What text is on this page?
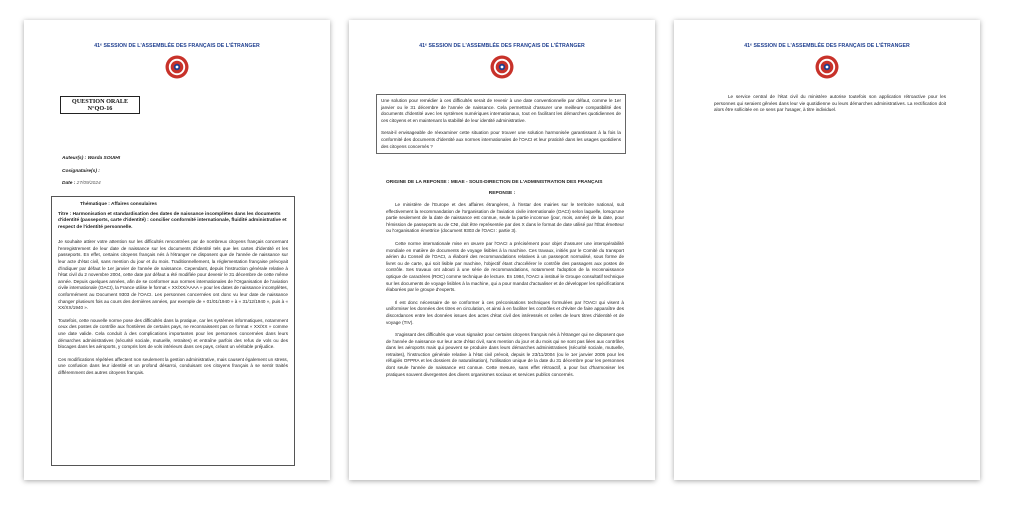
41ᵉ SESSION DE L'ASSEMBLÉE DES FRANÇAIS DE L'ÉTRANGER
QUESTION ORALE
N°QO-16
Auteur(s) : Warda SOUIHI
Cosignataire(s) :
Date : 27/09/2024
Thématique : Affaires consulaires
Titre : Harmonisation et standardisation des dates de naissance incomplètes dans les documents d'identité (passeports, carte d'identité) : concilier conformité internationale, fluidité administrative et respect de l'identité personnelle.

Je souhaite attirer votre attention sur les difficultés rencontrées par de nombreux citoyens français concernant l'enregistrement de leur date de naissance sur les documents d'identité tels que les cartes d'identité et les passeports. En effet, certains citoyens français nés à l'étranger ne disposent que de l'année de naissance sur leur acte d'état civil, sans mention du jour et du mois. Traditionnellement, la réglementation française prévoyait d'indiquer par défaut le 1er janvier de l'année de naissance. Cependant, depuis l'instruction générale relative à l'état civil du 2 novembre 2004, cette date par défaut a été modifiée pour devenir le 31 décembre de cette même année. Depuis quelques années, afin de se conformer aux normes internationales de l'Organisation de l'aviation civile internationale (OACI), la France utilise le format « XX/XX/AAAA » pour les dates de naissance incomplètes, conformément au Document 9303 de l'OACI. Les personnes concernées ont donc vu leur date de naissance changer plusieurs fois au cours des dernières années, par exemple de « 01/01/1940 » à « 31/12/1940 », puis à « XX/XX/1940 ».

Toutefois, cette nouvelle norme pose des difficultés dans la pratique, car les systèmes informatiques, notamment ceux des postes de contrôle aux frontières de certains pays, ne reconnaissent pas ce format « XX/XX » comme une date valide. Cela conduit à des complications importantes pour les personnes concernées dans leurs démarches administratives (sécurité sociale, mutuelle, retraites) et entraîne parfois des refus de vols ou des blocages dans les aéroports, y compris lors de vols intérieurs dans ces pays, créant un véritable préjudice.

Ces modifications répétées affectent non seulement la gestion administrative, mais causent également un stress, une confusion dans leur identité et un profond désarroi, conduisant ces citoyens français à se sentir traités différemment des autres citoyens français.

41ᵉ SESSION DE L'ASSEMBLÉE DES FRANÇAIS DE L'ÉTRANGER

Une solution pour remédier à ces difficultés serait de revenir à une date conventionnelle par défaut, comme le 1er janvier ou le 31 décembre de l'année de naissance. Cela permettrait d'assurer une meilleure compatibilité des documents d'identité avec les systèmes numériques internationaux, tout en facilitant les démarches quotidiennes de ces citoyens et en maintenant la stabilité de leur identité administrative.

Serait-il envisageable de réexaminer cette situation pour trouver une solution harmonisée garantissant à la fois la conformité des documents d'identité aux normes internationales de l'OACI et leur praticité dans les usages quotidiens des citoyens concernés ?

ORIGINE DE LA REPONSE : MEAE - SOUS-DIRECTION DE L'ADMINISTRATION DES FRANÇAIS
REPONSE :

Le ministère de l'Europe et des affaires étrangères, à l'instar des mairies sur le territoire national, suit effectivement la recommandation de l'organisation de l'aviation civile internationale (OACI) selon laquelle, lorsqu'une partie seulement de la date de naissance est connue, seule la partie inconnue (jour, mois, année) de la date, pour l'émission de passeports ou de CNI, doit être représentée par des X dans le format de date utilisé par l'État émetteur ou l'organisation émettrice (document 9303 de l'OACI : partie 3).

Cette norme internationale mise en œuvre par l'OACI a précisément pour objet d'assurer une interopérabilité mondiale en matière de documents de voyage lisibles à la machine. Ces travaux, initiés par le Comité du transport aérien du Conseil de l'OACI, a élaboré des recommandations relatives à un passeport normalisé, sous forme de livret ou de carte, qui soit lisible par machine, l'objectif étant d'accélérer le contrôle des passagers aux postes de contrôle. Ses travaux ont abouti à une série de recommandations, notamment l'adoption de la reconnaissance optique de caractères (ROC) comme technique de lecture. En 1984, l'OACI a institué le Groupe consultatif technique sur les documents de voyage lisibles à la machine, qui a pour mandat d'actualiser et de développer les spécifications élaborées par le groupe d'experts.

Il est donc nécessaire de se conformer à ces préconisations techniques formulées par l'OACI qui visent à uniformiser les données des titres en circulation, et ainsi à en faciliter les contrôles et d'éviter de faire apparaître des discordances entre les données issues des actes d'état civil des intéressés et celles de leurs titres d'identité et de voyage (TIV).

S'agissant des difficultés que vous signalez pour certains citoyens français nés à l'étranger qui ne disposent que de l'année de naissance sur leur acte d'état civil, sans mention du jour et du mois qui ne sont pas liées aux contrôles dans les aéroports mais qui peuvent se produire dans leurs démarches administratives (sécurité sociale, mutuelle, retraites), l'instruction générale relative à l'état civil prévoit, depuis le 23/11/2004 (ou le 1er janvier 2005 pour les réfugiés OFPRA et les dossiers de naturalisation), l'utilisation unique de la date du 31 décembre pour les personnes dont seule l'année de naissance est connue. Cette mesure, sans effet rétroactif, a pour but d'harmoniser les pratiques souvent divergentes des divers organismes sociaux et services publics concernés.

41ᵉ SESSION DE L'ASSEMBLÉE DES FRANÇAIS DE L'ÉTRANGER

Le service central de l'état civil du ministère autorise toutefois son application rétroactive pour les personnes qui seraient gênées dans leur vie quotidienne ou leurs démarches administratives. La rectification doit alors être sollicitée en ce sens par l'usager, à titre individuel.
